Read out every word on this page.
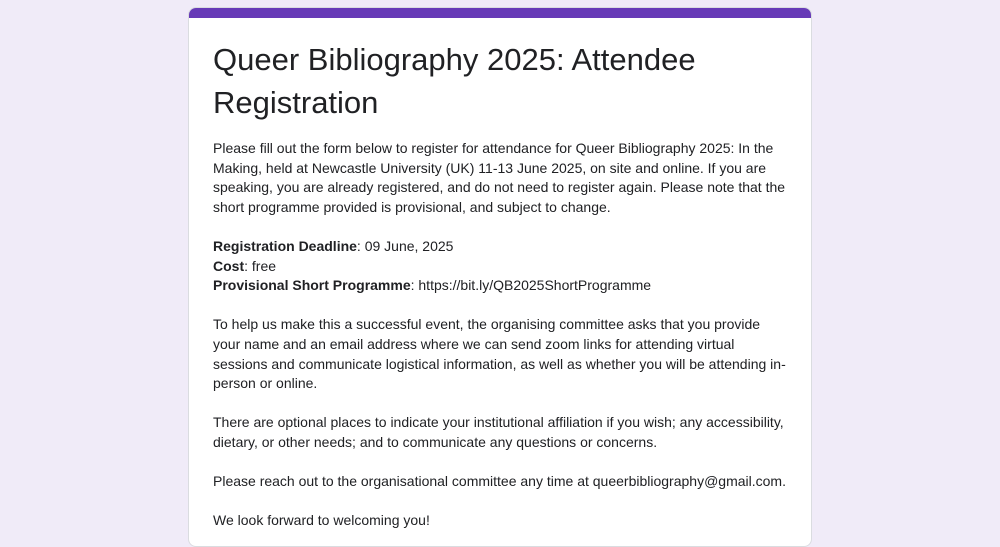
Queer Bibliography 2025: Attendee Registration

Please fill out the form below to register for attendance for Queer Bibliography 2025: In the Making, held at Newcastle University (UK) 11-13 June 2025, on site and online. If you are speaking, you are already registered, and do not need to register again. Please note that the short programme provided is provisional, and subject to change.

Registration Deadline: 09 June, 2025

Cost: free

Provisional Short Programme: https://bit.ly/QB2025ShortProgramme

To help us make this a successful event, the organising committee asks that you provide your name and an email address where we can send zoom links for attending virtual sessions and communicate logistical information, as well as whether you will be attending in-person or online.

There are optional places to indicate your institutional affiliation if you wish; any accessibility, dietary, or other needs; and to communicate any questions or concerns.

Please reach out to the organisational committee any time at queerbibliography@gmail.com.

We look forward to welcoming you!
